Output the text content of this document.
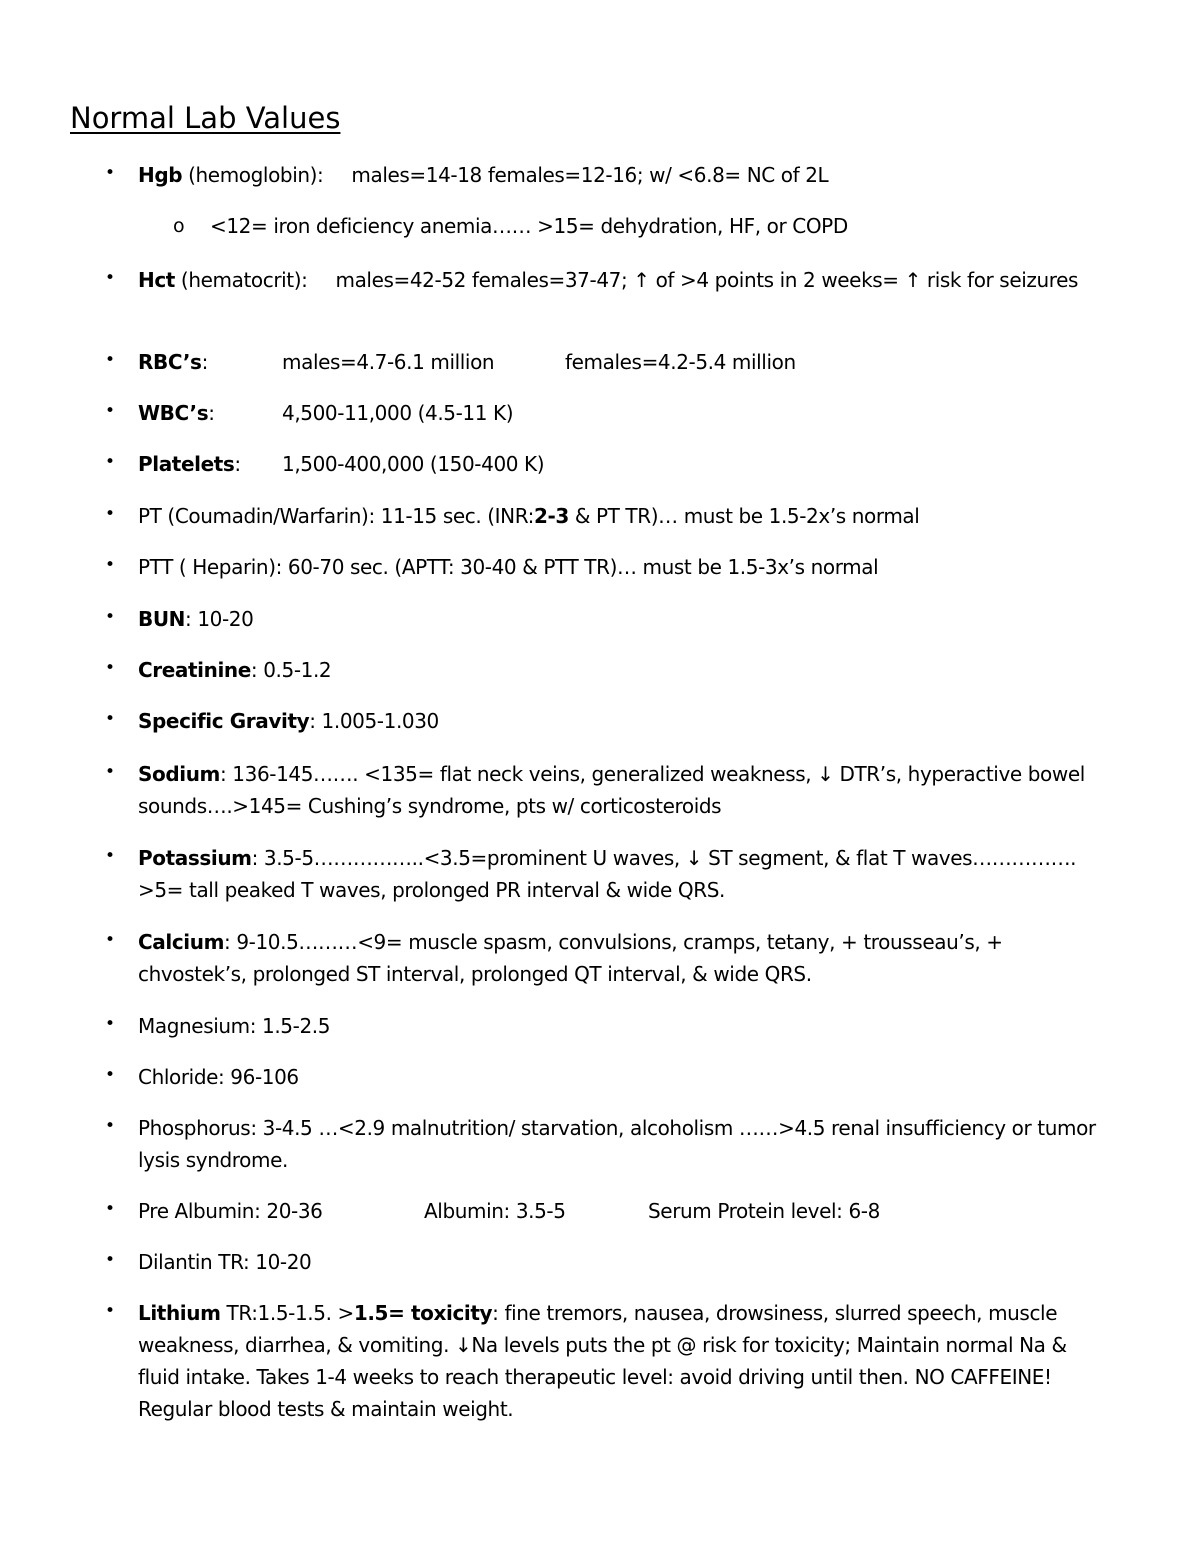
Normal Lab Values
• Hgb (hemoglobin): males=14-18 females=12-16; w/ <6.8= NC of 2L
o <12= iron deficiency anemia…… >15= dehydration, HF, or COPD
• Hct (hematocrit): males=42-52 females=37-47; ↑ of >4 points in 2 weeks= ↑ risk for seizures
• RBC’s:	males=4.7-6.1 million	females=4.2-5.4 million
• WBC’s:	4,500-11,000 (4.5-11 K)
• Platelets: 1,500-400,000 (150-400 K)
• PT (Coumadin/Warfarin): 11-15 sec. (INR:2-3 & PT TR)… must be 1.5-2x’s normal
• PTT ( Heparin): 60-70 sec. (APTT: 30-40 & PTT TR)… must be 1.5-3x’s normal
• BUN: 10-20
• Creatinine: 0.5-1.2
• Specific Gravity: 1.005-1.030
• Sodium: 136-145……. <135= flat neck veins, generalized weakness, ↓ DTR’s, hyperactive bowel sounds….>145= Cushing’s syndrome, pts w/ corticosteroids
• Potassium: 3.5-5……………..<3.5=prominent U waves, ↓ ST segment, & flat T waves……………. >5= tall peaked T waves, prolonged PR interval & wide QRS.
• Calcium: 9-10.5………<9= muscle spasm, convulsions, cramps, tetany, + trousseau’s, + chvostek’s, prolonged ST interval, prolonged QT interval, & wide QRS.
• Magnesium: 1.5-2.5
• Chloride: 96-106
• Phosphorus: 3-4.5 …<2.9 malnutrition/ starvation, alcoholism ……>4.5 renal insufficiency or tumor lysis syndrome.
• Pre Albumin: 20-36	Albumin: 3.5-5	Serum Protein level: 6-8
• Dilantin TR: 10-20
• Lithium TR:1.5-1.5. >1.5= toxicity: fine tremors, nausea, drowsiness, slurred speech, muscle weakness, diarrhea, & vomiting. ↓Na levels puts the pt @ risk for toxicity; Maintain normal Na & fluid intake. Takes 1-4 weeks to reach therapeutic level: avoid driving until then. NO CAFFEINE! Regular blood tests & maintain weight.
